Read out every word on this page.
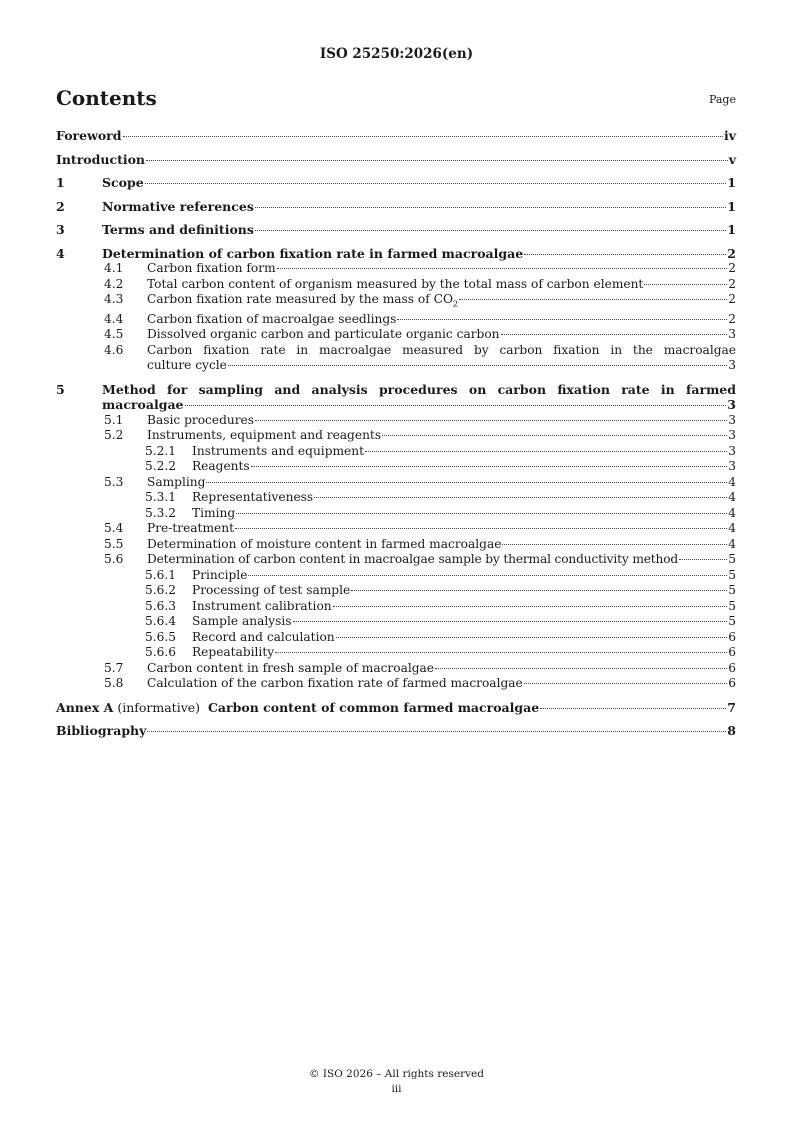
ISO 25250:2026(en)
Contents	Page
Foreword	iv
Introduction	v
1	Scope	1
2	Normative references	1
3	Terms and definitions	1
4	Determination of carbon fixation rate in farmed macroalgae	2
4.1	Carbon fixation form	2
4.2	Total carbon content of organism measured by the total mass of carbon element	2
4.3	Carbon fixation rate measured by the mass of $CO_2$	2
4.4	Carbon fixation of macroalgae seedlings	2
4.5	Dissolved organic carbon and particulate organic carbon	3
4.6 Carbon fixation rate in macroalgae measured by carbon fixation in the macroalgae
culture cycle	3
5	Method for sampling and analysis procedures on carbon fixation rate in farmed
macroalgae	3
5.1	Basic procedures	3
5.2	Instruments, equipment and reagents	3
5.2.1	Instruments and equipment	3
5.2.2	Reagents	3
5.3	Sampling	4
5.3.1	Representativeness	4
5.3.2	Timing	4
5.4	Pre-treatment	4
5.5	Determination of moisture content in farmed macroalgae	4
5.6	Determination of carbon content in macroalgae sample by thermal conductivity method	5
5.6.1	Principle	5
5.6.2	Processing of test sample	5
5.6.3	Instrument calibration	5
5.6.4	Sample analysis	5
5.6.5	Record and calculation	6
5.6.6	Repeatability	6
5.7	Carbon content in fresh sample of macroalgae	6
5.8	Calculation of the carbon fixation rate of farmed macroalgae	6
Annex A (informative)  Carbon content of common farmed macroalgae	7
Bibliography	8
© ISO 2026 – All rights reserved
iii
